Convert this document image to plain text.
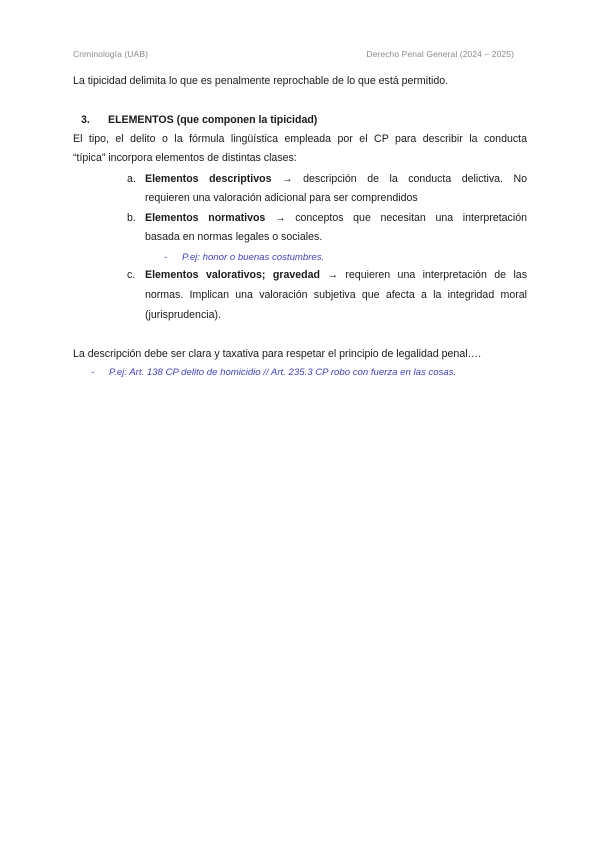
Criminología (UAB)	Derecho Penal General (2024 – 2025)
La tipicidad delimita lo que es penalmente reprochable de lo que está permitido.
3. ELEMENTOS (que componen la tipicidad)
El tipo, el delito o la fórmula lingüística empleada por el CP para describir la conducta
“típica” incorpora elementos de distintas clases:
a. Elementos descriptivos → descripción de la conducta delictiva. No
requieren una valoración adicional para ser comprendidos
b. Elementos normativos → conceptos que necesitan una interpretación
basada en normas legales o sociales.
- P.ej: honor o buenas costumbres.
c. Elementos valorativos; gravedad → requieren una interpretación de las
normas. Implican una valoración subjetiva que afecta a la integridad moral
(jurisprudencia).
La descripción debe ser clara y taxativa para respetar el principio de legalidad penal….
- P.ej: Art. 138 CP delito de homicidio // Art. 235.3 CP robo con fuerza en las cosas.
